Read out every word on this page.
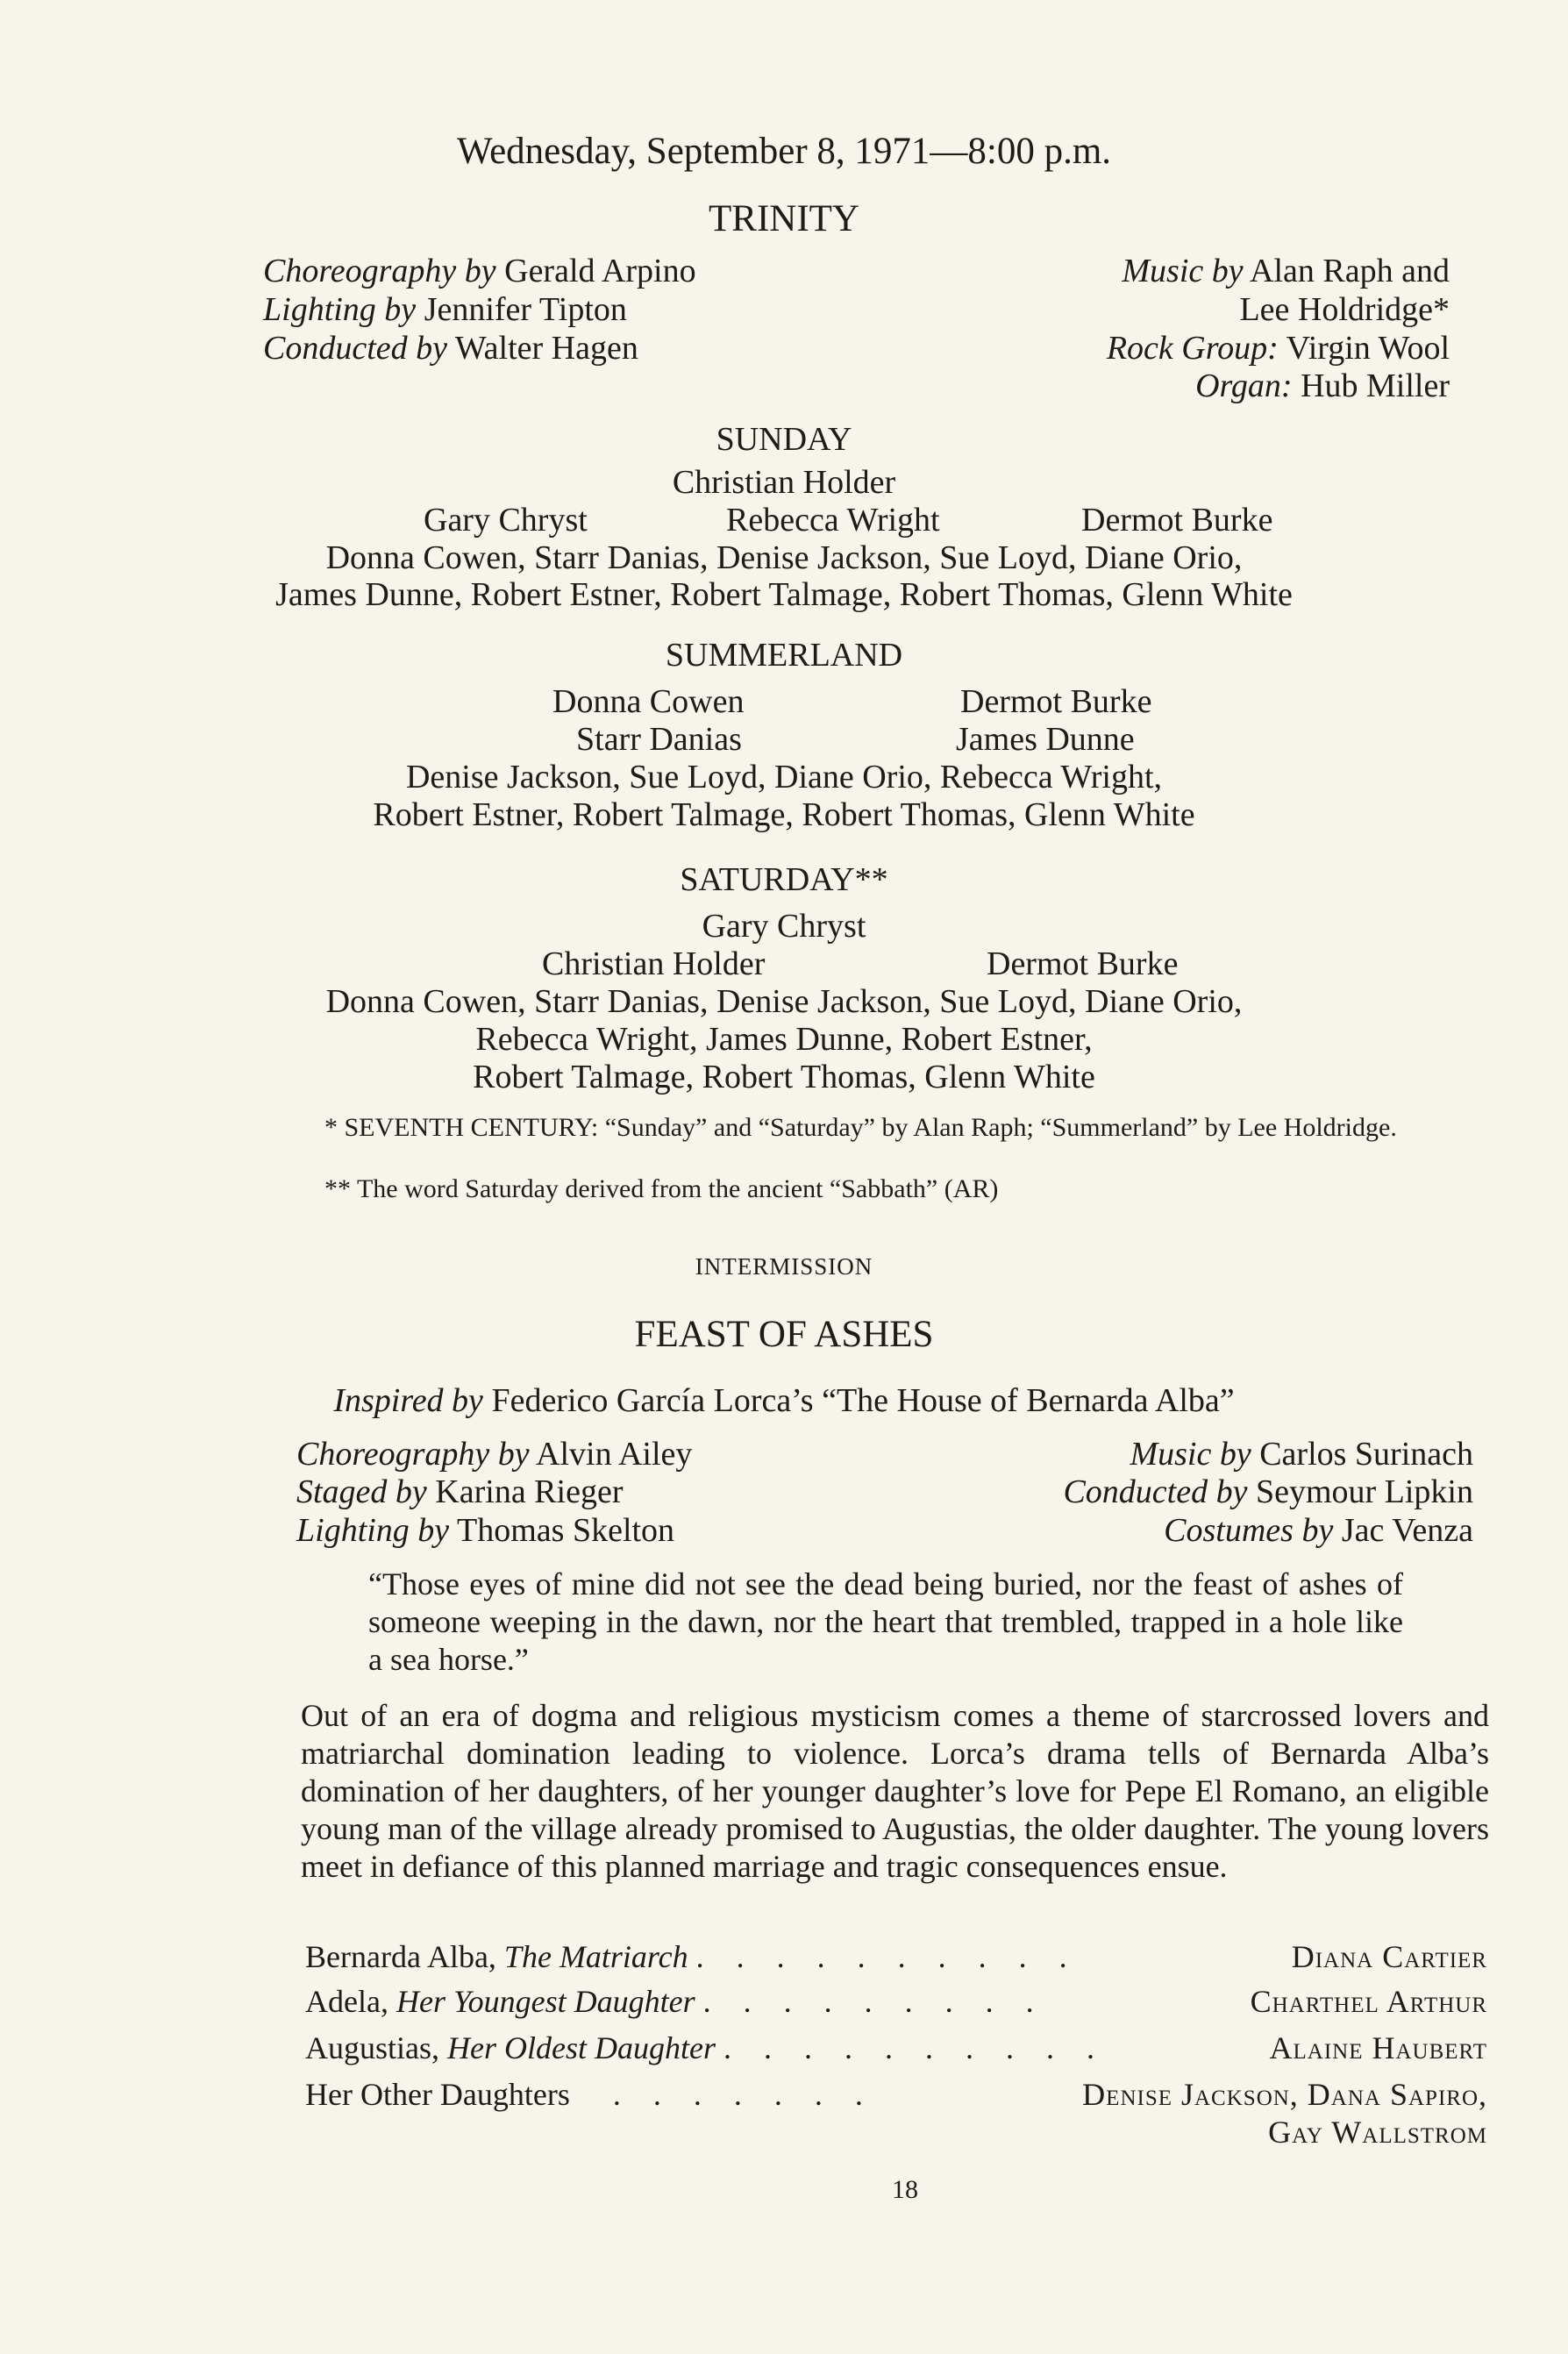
Wednesday, September 8, 1971—8:00 p.m.
TRINITY
Choreography by Gerald Arpino
Lighting by Jennifer Tipton
Conducted by Walter Hagen
Music by Alan Raph and
Lee Holdridge*
Rock Group: Virgin Wool
Organ: Hub Miller
SUNDAY
Christian Holder
Gary Chryst	Rebecca Wright	Dermot Burke
Donna Cowen, Starr Danias, Denise Jackson, Sue Loyd, Diane Orio,
James Dunne, Robert Estner, Robert Talmage, Robert Thomas, Glenn White
SUMMERLAND
Donna Cowen	Dermot Burke
Starr Danias	James Dunne
Denise Jackson, Sue Loyd, Diane Orio, Rebecca Wright,
Robert Estner, Robert Talmage, Robert Thomas, Glenn White
SATURDAY**
Gary Chryst
Christian Holder	Dermot Burke
Donna Cowen, Starr Danias, Denise Jackson, Sue Loyd, Diane Orio,
Rebecca Wright, James Dunne, Robert Estner,
Robert Talmage, Robert Thomas, Glenn White
* SEVENTH CENTURY: “Sunday” and “Saturday” by Alan Raph; “Summerland” by Lee Holdridge.
** The word Saturday derived from the ancient “Sabbath” (AR)
INTERMISSION
FEAST OF ASHES
Inspired by Federico García Lorca’s “The House of Bernarda Alba”
Choreography by Alvin Ailey
Staged by Karina Rieger
Lighting by Thomas Skelton
Music by Carlos Surinach
Conducted by Seymour Lipkin
Costumes by Jac Venza
“Those eyes of mine did not see the dead being buried, nor the feast of ashes of someone weeping in the dawn, nor the heart that trembled, trapped in a hole like a sea horse.”
Out of an era of dogma and religious mysticism comes a theme of starcrossed lovers and matriarchal domination leading to violence. Lorca’s drama tells of Bernarda Alba’s domination of her daughters, of her younger daughter’s love for Pepe El Romano, an eligible young man of the village already promised to Augustias, the older daughter. The young lovers meet in defiance of this planned marriage and tragic consequences ensue.
Bernarda Alba, The Matriarch . . . . . . . . . .	Diana Cartier
Adela, Her Youngest Daughter . . . . . . . . .	Charthel Arthur
Augustias, Her Oldest Daughter . . . . . . . . . .	Alaine Haubert
Her Other Daughters . . . . . . .	Denise Jackson, Dana Sapiro,
Gay Wallstrom
18
